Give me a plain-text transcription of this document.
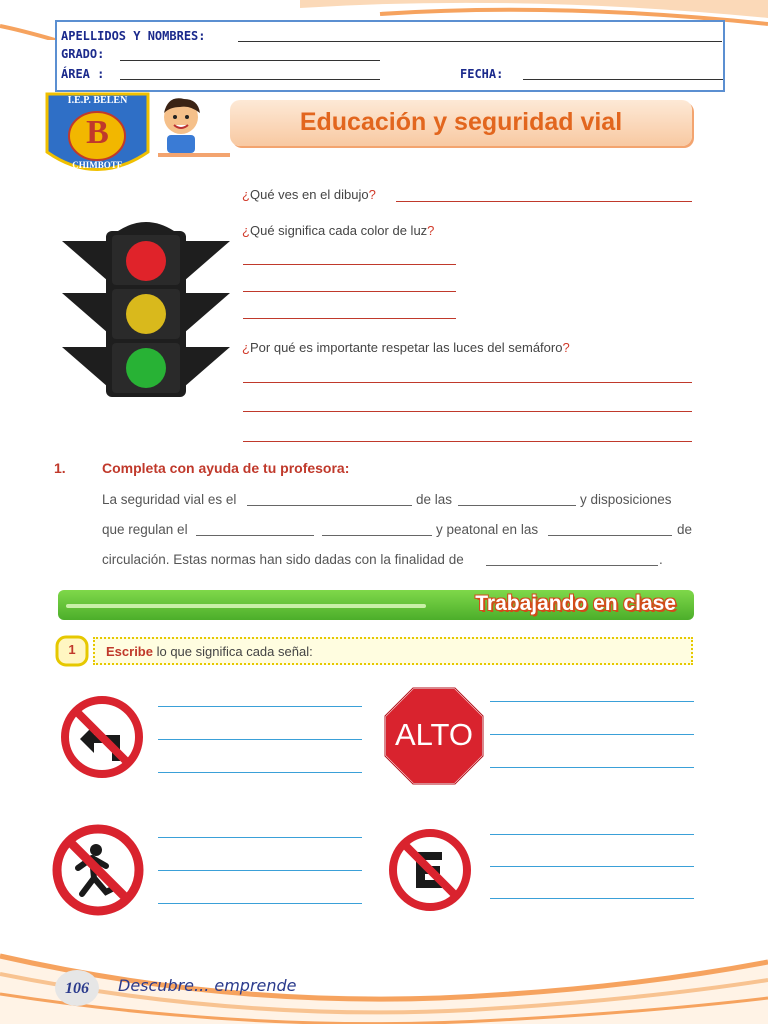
APELLIDOS Y NOMBRES:
GRADO:
ÁREA :	FECHA:
I.E.P. BELEN
B
CHIMBOTE
Educación y seguridad vial
¿Qué ves en el dibujo?
¿Qué significa cada color de luz?
¿Por qué es importante respetar las luces del semáforo?
1.	Completa con ayuda de tu profesora:
La seguridad vial es el	de las	y disposiciones
que regulan el	y peatonal en las	de
circulación. Estas normas han sido dadas con la finalidad de	.
Trabajando en clase
1	Escribe lo que significa cada señal:
ALTO
106	Descubre... emprende
